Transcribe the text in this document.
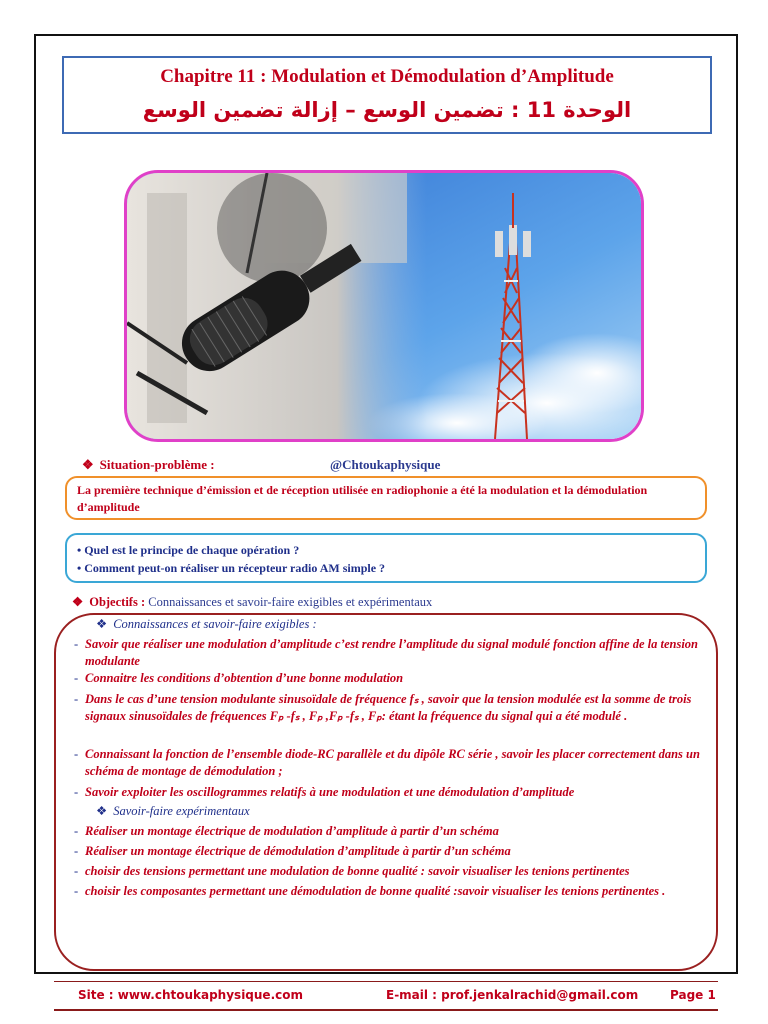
Chapitre 11 : Modulation et Démodulation d’Amplitude
الوحدة 11 : تضمين الوسع – إزالة تضمين الوسع
❖ Situation-problème :	@Chtoukaphysique
La première technique d’émission et de réception utilisée en radiophonie a été la modulation et la démodulation d’amplitude
• Quel est le principe de chaque opération ?
• Comment peut-on réaliser un récepteur radio AM simple ?
❖ Objectifs : Connaissances et savoir-faire exigibles et expérimentaux
❖ Connaissances et savoir-faire exigibles :
- Savoir que réaliser une modulation d’amplitude c’est rendre l’amplitude du signal modulé fonction affine de la tension modulante
- Connaitre les conditions d’obtention d’une bonne modulation
- Dans le cas d’une tension modulante sinusoïdale de fréquence fₛ , savoir que la tension modulée est la somme de trois signaux sinusoïdales de fréquences Fₚ -fₛ , Fₚ ,Fₚ -fₛ , Fₚ: étant la fréquence du signal qui a été modulé .
- Connaissant la fonction de l’ensemble diode-RC parallèle et du dipôle RC série , savoir les placer correctement dans un schéma de montage de démodulation ;
- Savoir exploiter les oscillogrammes relatifs à une modulation et une démodulation d’amplitude
❖ Savoir-faire expérimentaux
- Réaliser un montage électrique de modulation d’amplitude à partir d’un schéma
- Réaliser un montage électrique de démodulation d’amplitude à partir d’un schéma
- choisir des tensions permettant une modulation de bonne qualité : savoir visualiser les tenions pertinentes
- choisir les composantes permettant une démodulation de bonne qualité :savoir visualiser les tenions pertinentes .
Site : www.chtoukaphysique.com	E-mail : prof.jenkalrachid@gmail.com	Page 1
